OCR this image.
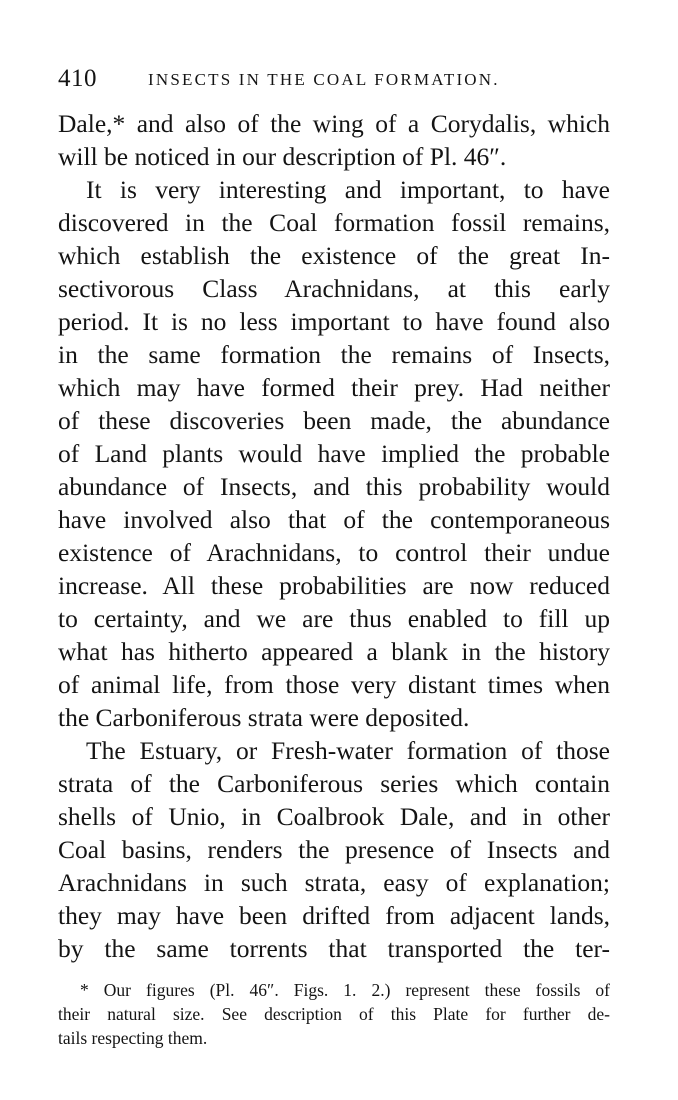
410	INSECTS IN THE COAL FORMATION.

Dale,* and also of the wing of a Corydalis, which
will be noticed in our description of Pl. 46″.

It is very interesting and important, to have
discovered in the Coal formation fossil remains,
which establish the existence of the great In-
sectivorous Class Arachnidans, at this early
period. It is no less important to have found also
in the same formation the remains of Insects,
which may have formed their prey. Had neither
of these discoveries been made, the abundance
of Land plants would have implied the probable
abundance of Insects, and this probability would
have involved also that of the contemporaneous
existence of Arachnidans, to control their undue
increase. All these probabilities are now reduced
to certainty, and we are thus enabled to fill up
what has hitherto appeared a blank in the history
of animal life, from those very distant times when
the Carboniferous strata were deposited.

The Estuary, or Fresh-water formation of those
strata of the Carboniferous series which contain
shells of Unio, in Coalbrook Dale, and in other
Coal basins, renders the presence of Insects and
Arachnidans in such strata, easy of explanation;
they may have been drifted from adjacent lands,
by the same torrents that transported the ter-

* Our figures (Pl. 46″. Figs. 1. 2.) represent these fossils of
their natural size. See description of this Plate for further de-
tails respecting them.
